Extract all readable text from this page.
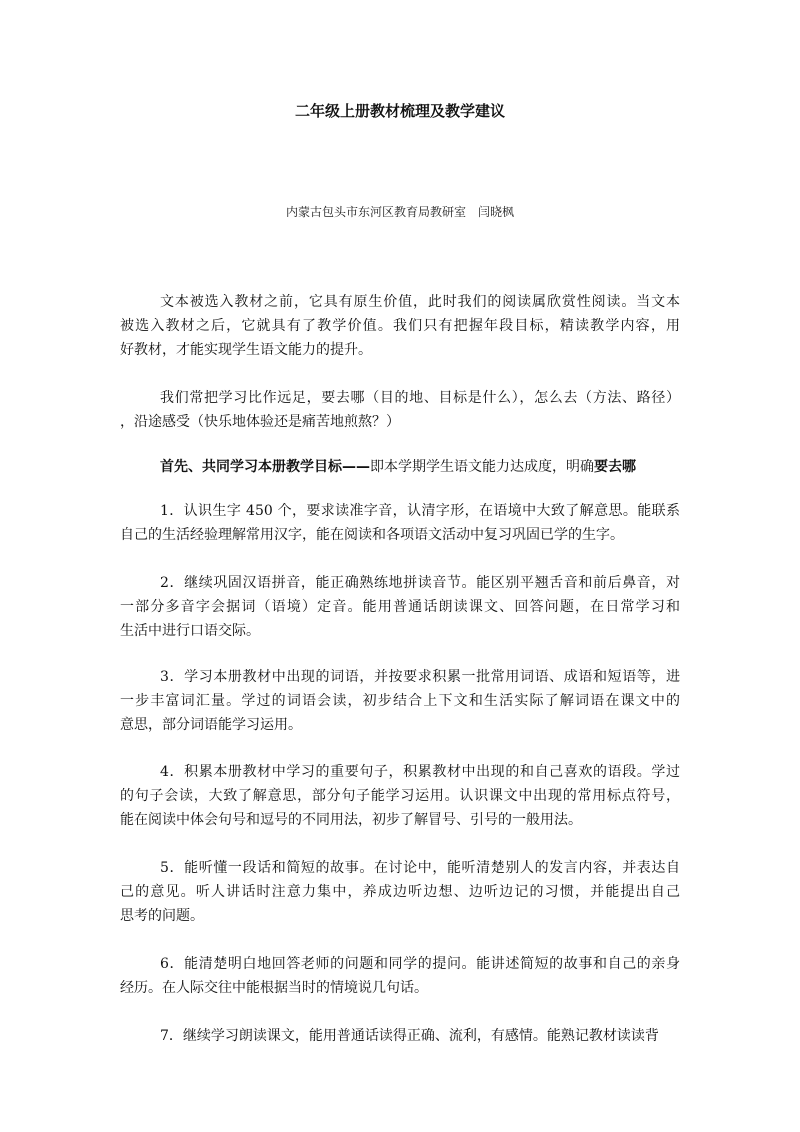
二年级上册教材梳理及教学建议
内蒙古包头市东河区教育局教研室　闫晓枫
文本被选入教材之前，它具有原生价值，此时我们的阅读属欣赏性阅读。当文本
被选入教材之后，它就具有了教学价值。我们只有把握年段目标，精读教学内容，用
好教材，才能实现学生语文能力的提升。
我们常把学习比作远足，要去哪（目的地、目标是什么），怎么去（方法、路径）
，沿途感受（快乐地体验还是痛苦地煎熬？）
1．认识生字 450 个，要求读准字音，认清字形，在语境中大致了解意思。能联系
自己的生活经验理解常用汉字，能在阅读和各项语文活动中复习巩固已学的生字。
2．继续巩固汉语拼音，能正确熟练地拼读音节。能区别平翘舌音和前后鼻音，对
一部分多音字会据词（语境）定音。能用普通话朗读课文、回答问题，在日常学习和
生活中进行口语交际。
3．学习本册教材中出现的词语，并按要求积累一批常用词语、成语和短语等，进
一步丰富词汇量。学过的词语会读，初步结合上下文和生活实际了解词语在课文中的
意思，部分词语能学习运用。
4．积累本册教材中学习的重要句子，积累教材中出现的和自己喜欢的语段。学过
的句子会读，大致了解意思，部分句子能学习运用。认识课文中出现的常用标点符号，
能在阅读中体会句号和逗号的不同用法，初步了解冒号、引号的一般用法。
5．能听懂一段话和简短的故事。在讨论中，能听清楚别人的发言内容，并表达自
己的意见。听人讲话时注意力集中，养成边听边想、边听边记的习惯，并能提出自己
思考的问题。
6．能清楚明白地回答老师的问题和同学的提问。能讲述简短的故事和自己的亲身
经历。在人际交往中能根据当时的情境说几句话。
7．继续学习朗读课文，能用普通话读得正确、流利，有感情。能熟记教材读读背
首先、共同学习本册教学目标——即本学期学生语文能力达成度，明确要去哪
